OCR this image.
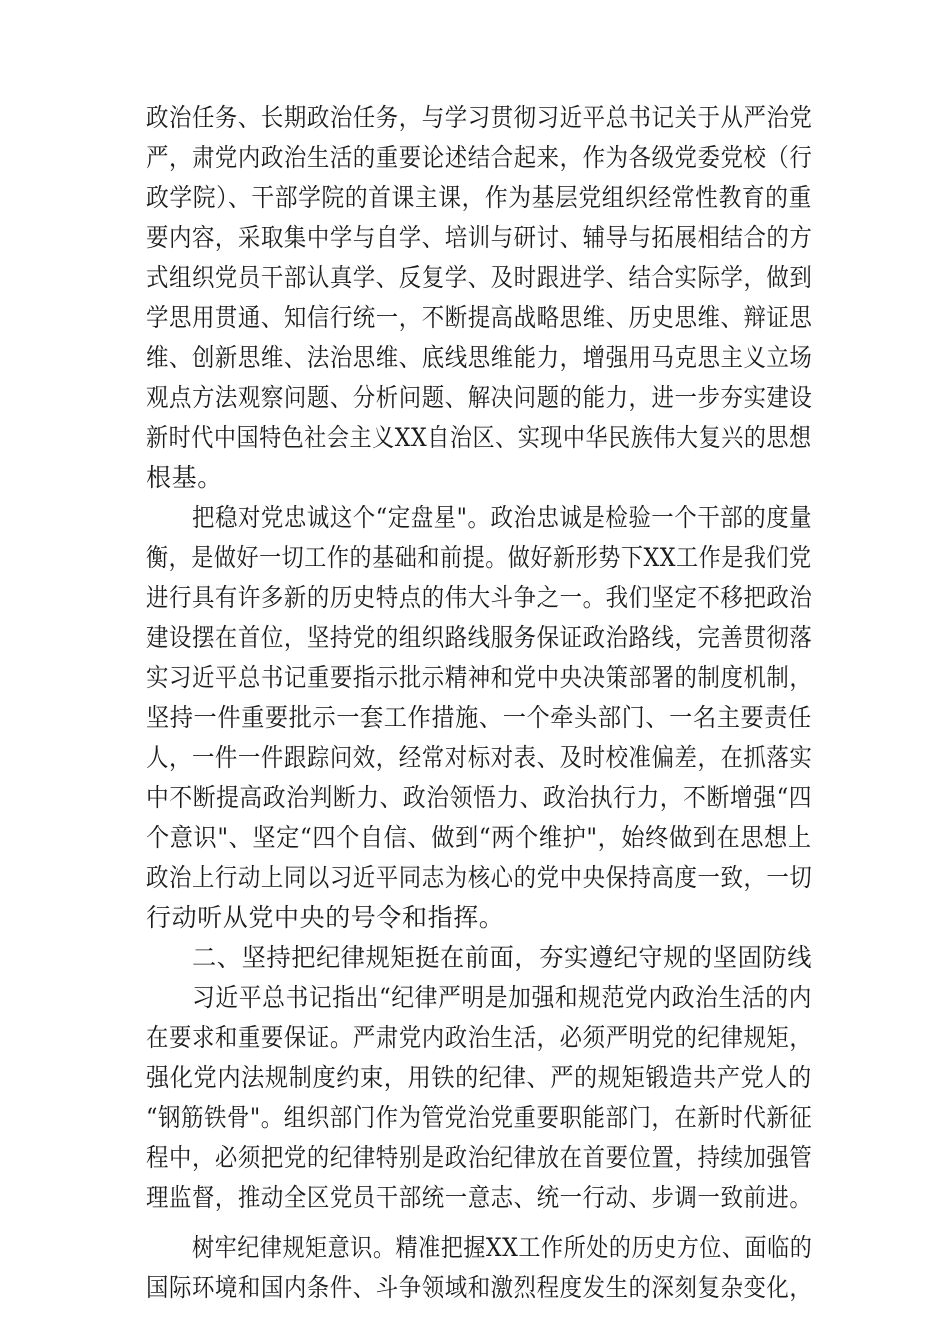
政治任务、长期政治任务，与学习贯彻习近平总书记关于从严治党
严，肃党内政治生活的重要论述结合起来，作为各级党委党校（行
政学院）、干部学院的首课主课，作为基层党组织经常性教育的重
要内容，采取集中学与自学、培训与研讨、辅导与拓展相结合的方
式组织党员干部认真学、反复学、及时跟进学、结合实际学，做到
学思用贯通、知信行统一，不断提高战略思维、历史思维、辩证思
维、创新思维、法治思维、底线思维能力，增强用马克思主义立场
观点方法观察问题、分析问题、解决问题的能力，进一步夯实建设
新时代中国特色社会主义XX自治区、实现中华民族伟大复兴的思想
根基。
把稳对党忠诚这个“定盘星"。政治忠诚是检验一个干部的度量
衡，是做好一切工作的基础和前提。做好新形势下XX工作是我们党
进行具有许多新的历史特点的伟大斗争之一。我们坚定不移把政治
建设摆在首位，坚持党的组织路线服务保证政治路线，完善贯彻落
实习近平总书记重要指示批示精神和党中央决策部署的制度机制，
坚持一件重要批示一套工作措施、一个牵头部门、一名主要责任
人，一件一件跟踪问效，经常对标对表、及时校准偏差，在抓落实
中不断提高政治判断力、政治领悟力、政治执行力，不断增强“四
个意识"、坚定“四个自信、做到“两个维护"，始终做到在思想上
政治上行动上同以习近平同志为核心的党中央保持高度一致，一切
行动听从党中央的号令和指挥。
二、坚持把纪律规矩挺在前面，夯实遵纪守规的坚固防线
习近平总书记指出“纪律严明是加强和规范党内政治生活的内
在要求和重要保证。严肃党内政治生活，必须严明党的纪律规矩，
强化党内法规制度约束，用铁的纪律、严的规矩锻造共产党人的
“钢筋铁骨"。组织部门作为管党治党重要职能部门，在新时代新征
程中，必须把党的纪律特别是政治纪律放在首要位置，持续加强管
理监督，推动全区党员干部统一意志、统一行动、步调一致前进。
树牢纪律规矩意识。精准把握XX工作所处的历史方位、面临的
国际环境和国内条件、斗争领域和激烈程度发生的深刻复杂变化，
